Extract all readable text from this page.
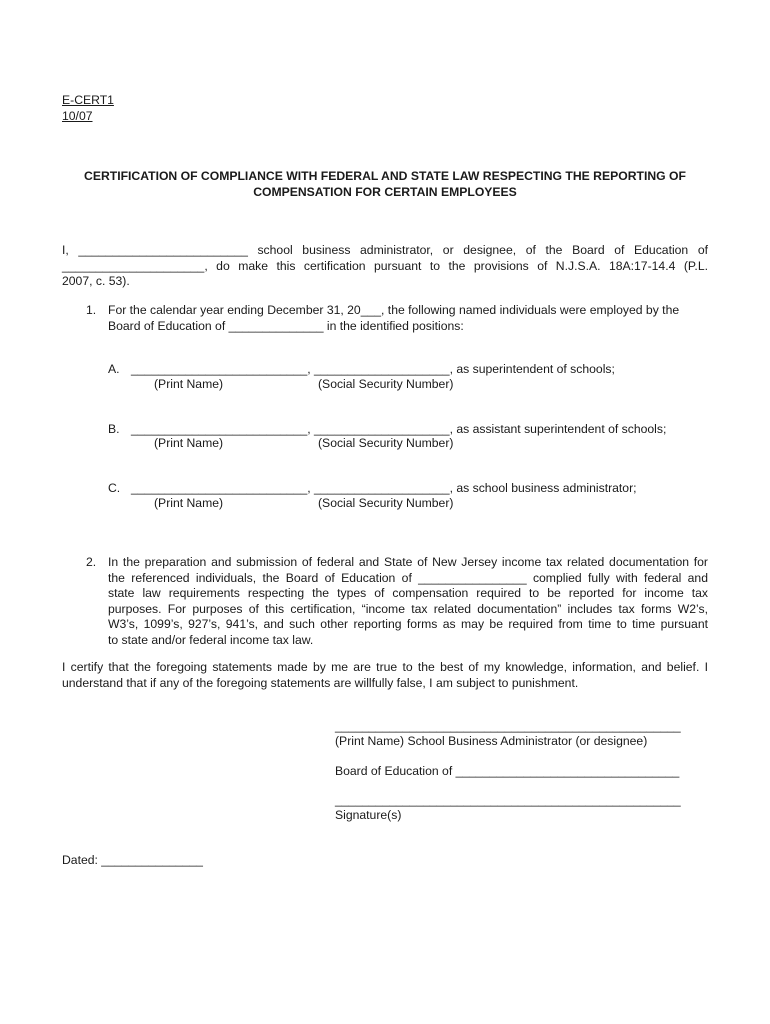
E-CERT1
10/07
CERTIFICATION OF COMPLIANCE WITH FEDERAL AND STATE LAW RESPECTING THE REPORTING OF
COMPENSATION FOR CERTAIN EMPLOYEES
I, _________________________ school business administrator, or designee, of the Board of Education of
_____________________, do make this certification pursuant to the provisions of N.J.S.A. 18A:17-14.4 (P.L.
2007, c. 53).
1. For the calendar year ending December 31, 20___, the following named individuals were employed by the
Board of Education of ______________ in the identified positions:
A. __________________________, ____________________, as superintendent of schools;
(Print Name)	(Social Security Number)
B. __________________________, ____________________, as assistant superintendent of schools;
(Print Name)	(Social Security Number)
C. __________________________, ____________________, as school business administrator;
(Print Name)	(Social Security Number)
2. In the preparation and submission of federal and State of New Jersey income tax related documentation for
the referenced individuals, the Board of Education of ________________ complied fully with federal and
state law requirements respecting the types of compensation required to be reported for income tax
purposes. For purposes of this certification, “income tax related documentation” includes tax forms W2’s,
W3’s, 1099’s, 927’s, 941’s, and such other reporting forms as may be required from time to time pursuant
to state and/or federal income tax law.
I certify that the foregoing statements made by me are true to the best of my knowledge, information, and belief. I
understand that if any of the foregoing statements are willfully false, I am subject to punishment.
___________________________________________________
(Print Name) School Business Administrator (or designee)
Board of Education of _________________________________
___________________________________________________
Signature(s)
Dated: _______________
